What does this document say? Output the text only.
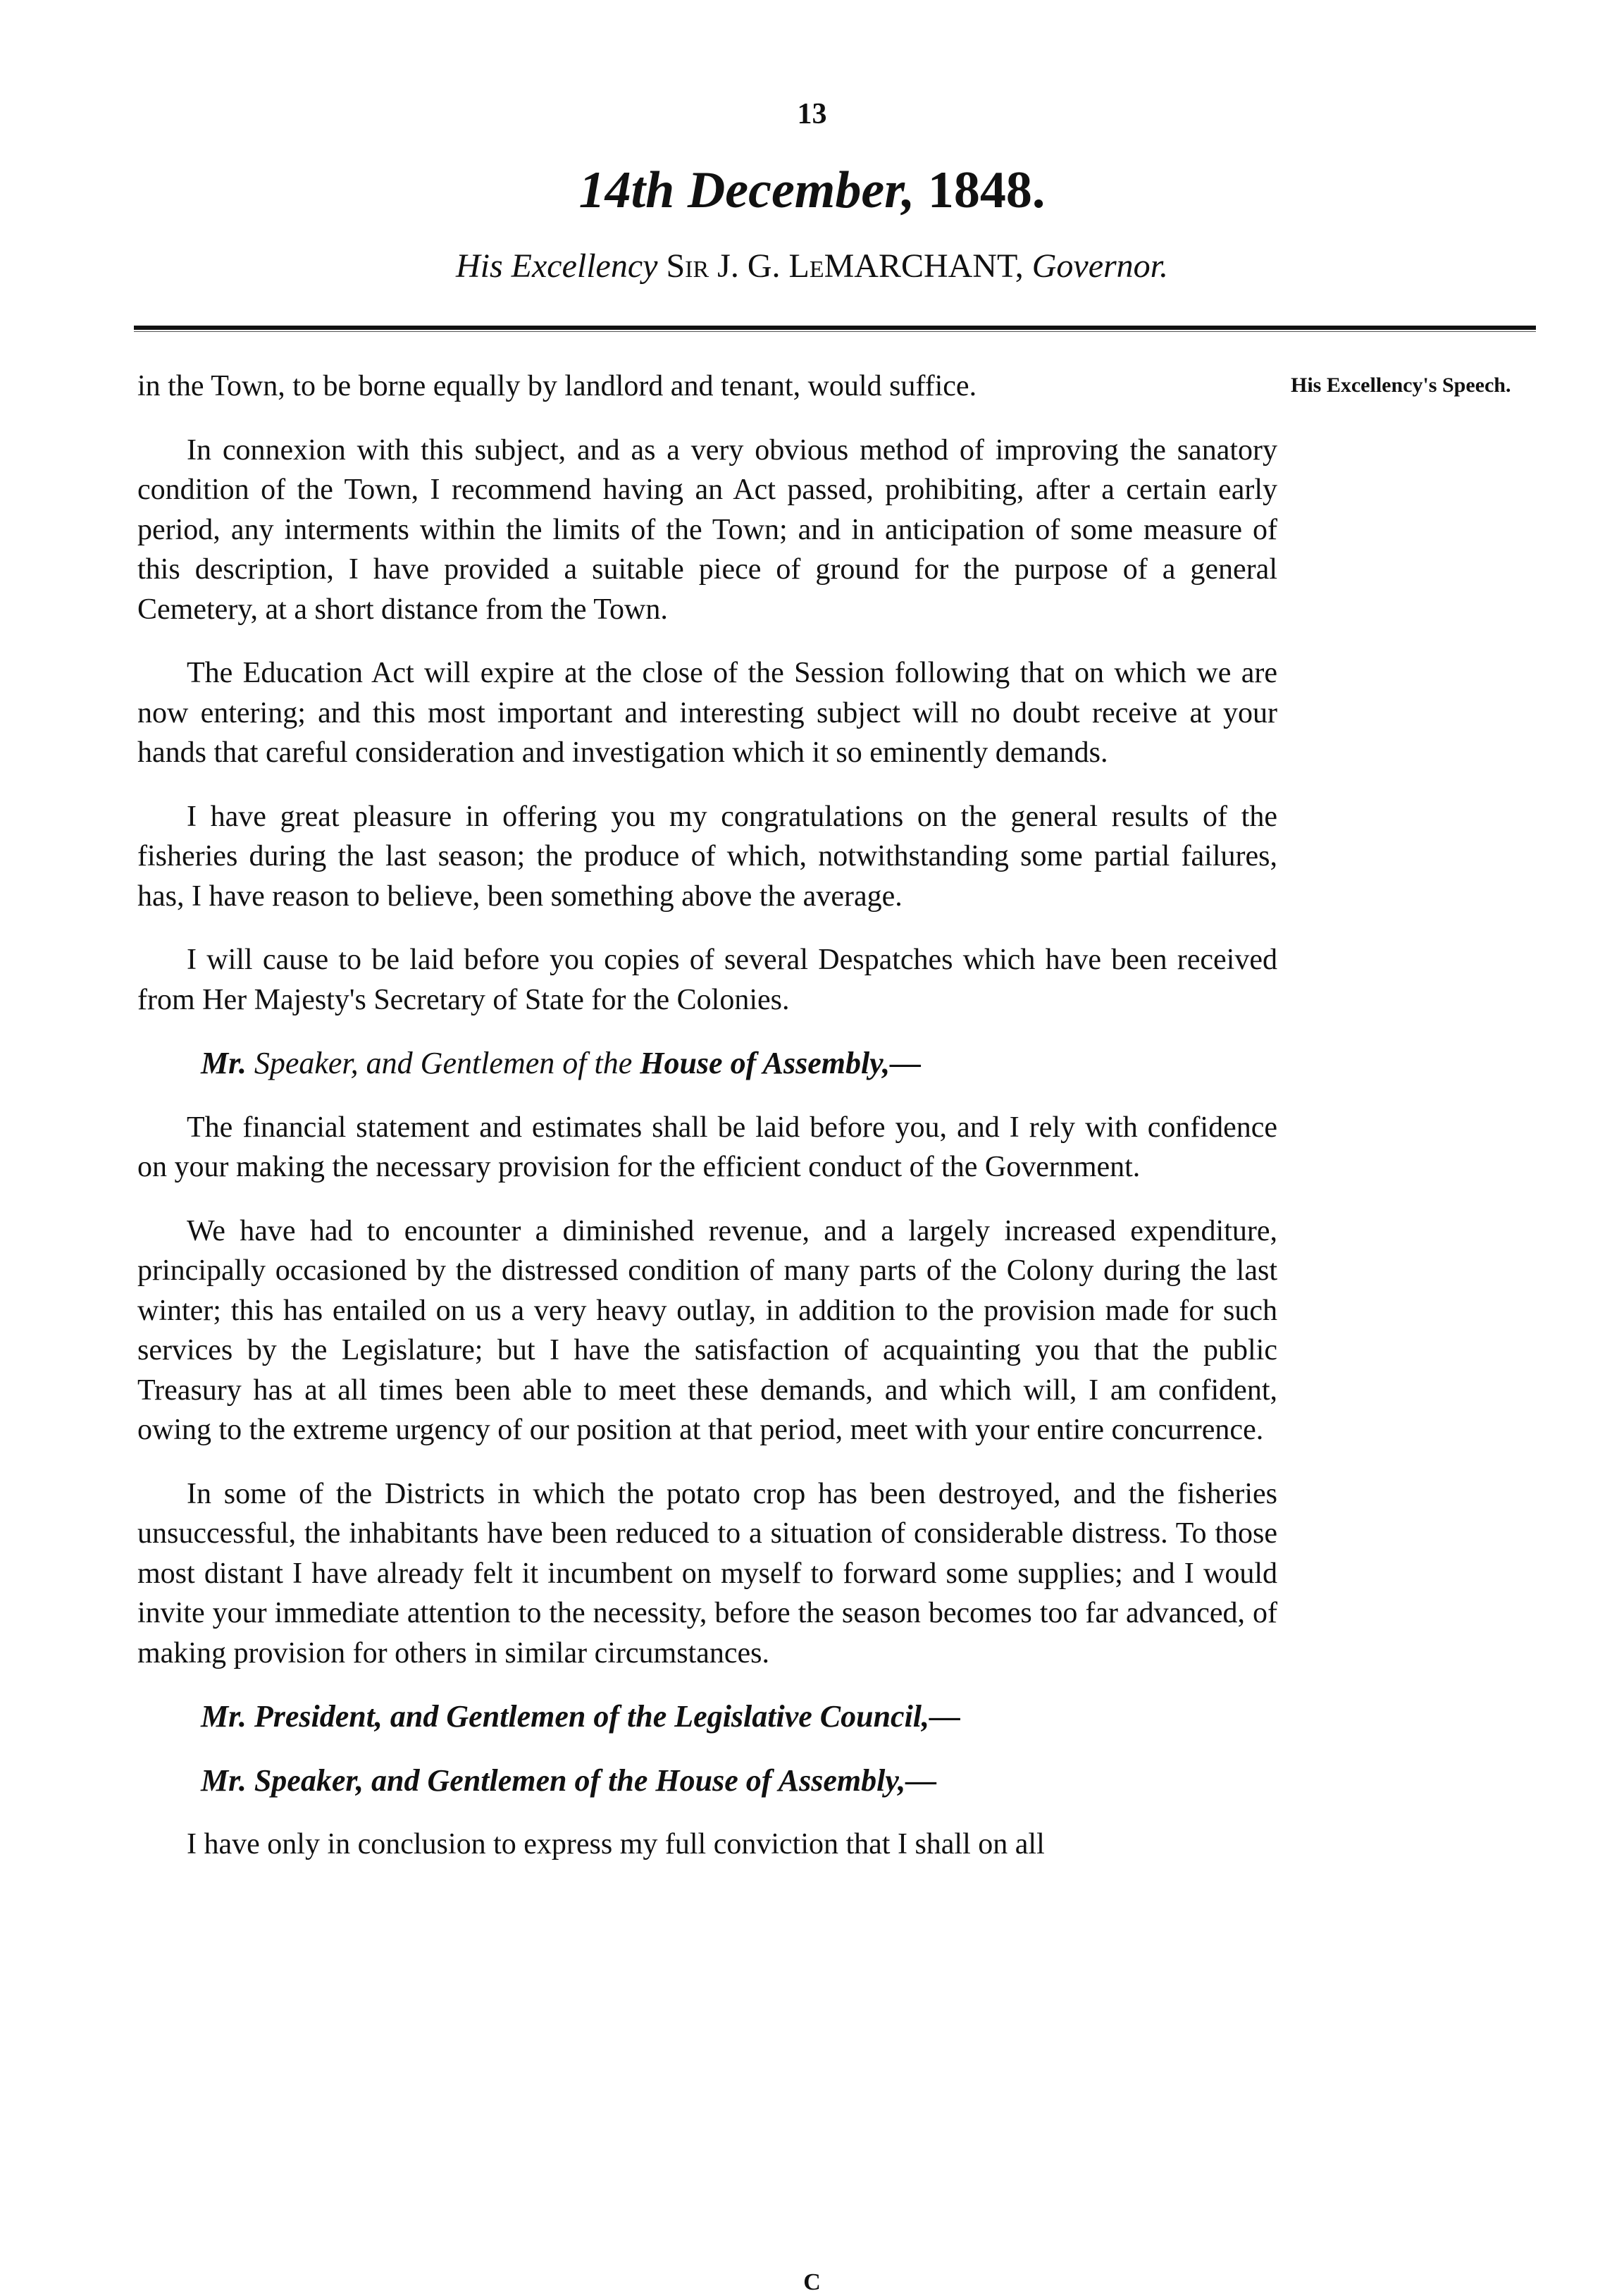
13
14th December, 1848.
His Excellency Sir J. G. LeMARCHANT, Governor.
His Excellency's Speech.

in the Town, to be borne equally by landlord and tenant, would suffice.

In connexion with this subject, and as a very obvious method of improving the sanatory condition of the Town, I recommend having an Act passed, prohibiting, after a certain early period, any interments within the limits of the Town; and in anticipation of some measure of this description, I have provided a suitable piece of ground for the purpose of a general Cemetery, at a short distance from the Town.

The Education Act will expire at the close of the Session following that on which we are now entering; and this most important and interesting subject will no doubt receive at your hands that careful consideration and investigation which it so eminently demands.

I have great pleasure in offering you my congratulations on the general results of the fisheries during the last season; the produce of which, notwithstanding some partial failures, has, I have reason to believe, been something above the average.

I will cause to be laid before you copies of several Despatches which have been received from Her Majesty's Secretary of State for the Colonies.

Mr. Speaker, and Gentlemen of the House of Assembly,—

The financial statement and estimates shall be laid before you, and I rely with confidence on your making the necessary provision for the efficient conduct of the Government.

We have had to encounter a diminished revenue, and a largely increased expenditure, principally occasioned by the distressed condition of many parts of the Colony during the last winter; this has entailed on us a very heavy outlay, in addition to the provision made for such services by the Legislature; but I have the satisfaction of acquainting you that the public Treasury has at all times been able to meet these demands, and which will, I am confident, owing to the extreme urgency of our position at that period, meet with your entire concurrence.

In some of the Districts in which the potato crop has been destroyed, and the fisheries unsuccessful, the inhabitants have been reduced to a situation of considerable distress. To those most distant I have already felt it incumbent on myself to forward some supplies; and I would invite your immediate attention to the necessity, before the season becomes too far advanced, of making provision for others in similar circumstances.

Mr. President, and Gentlemen of the Legislative Council,—

Mr. Speaker, and Gentlemen of the House of Assembly,—

I have only in conclusion to express my full conviction that I shall on all

C
